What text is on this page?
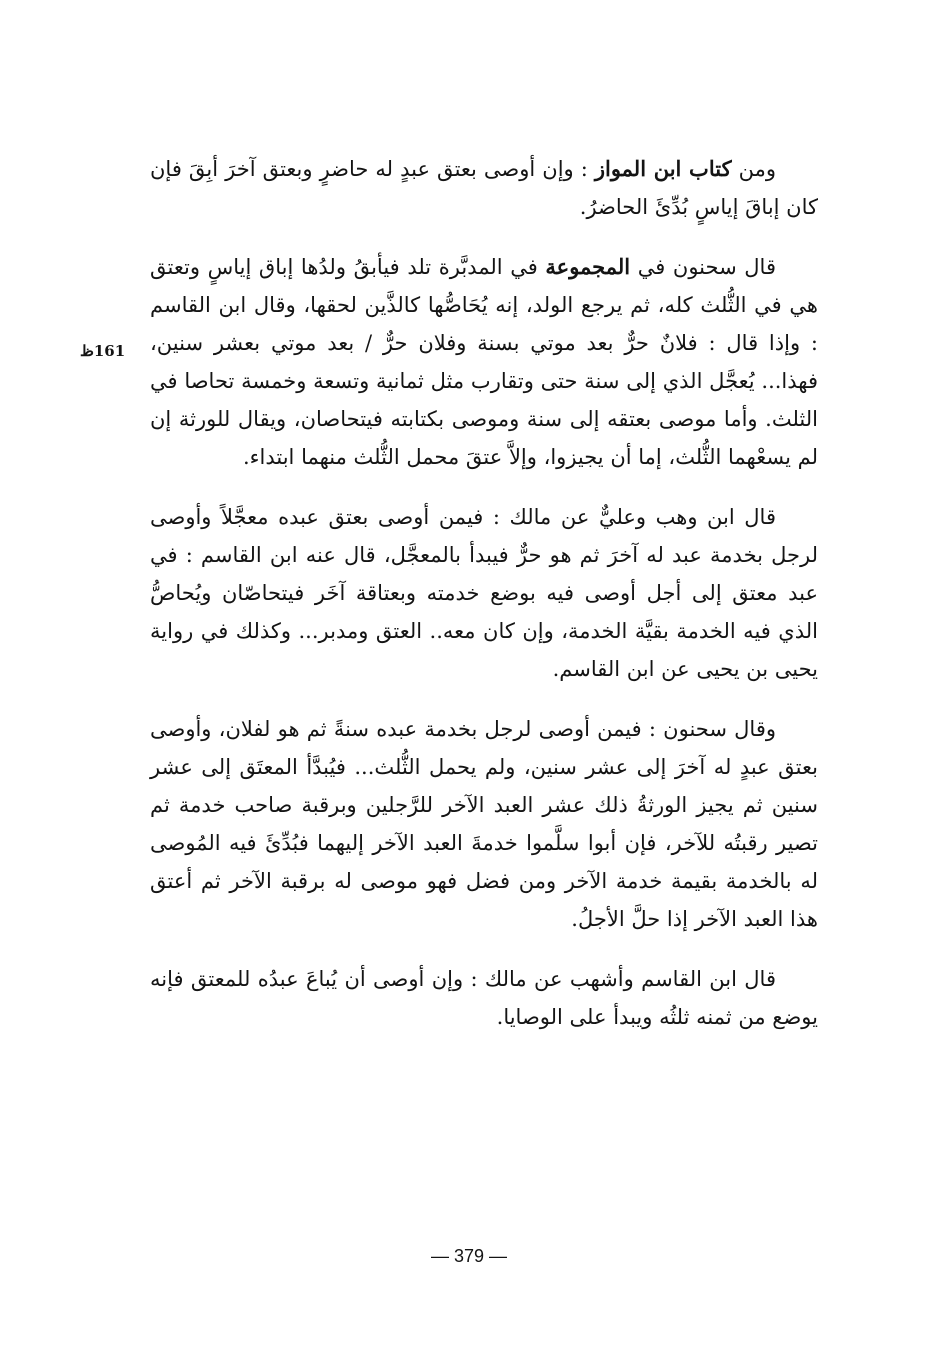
161ظ

ومن كتاب ابن المواز : وإن أوصى بعتق عبدٍ له حاضرٍ وبعتق آخرَ أبِقَ فإن كان إباقَ إياسٍ بُدِّئَ الحاضرُ.

قال سحنون في المجموعة في المدبَّرة تلد فيأبقُ ولدُها إباق إياسٍ وتعتق هي في الثُّلث كله، ثم يرجع الولد، إنه يُحَاصُّها كالذَّين لحقها، وقال ابن القاسم : وإذا قال : فلانٌ حرٌّ بعد موتي بسنة وفلان حرٌّ / بعد موتي بعشر سنين، فهذا... يُعجَّل الذي إلى سنة حتى وتقارب مثل ثمانية وتسعة وخمسة تحاصا في الثلث. وأما موصى بعتقه إلى سنة وموصى بكتابته فيتحاصان، ويقال للورثة إن لم يسعْهما الثُّلث، إما أن يجيزوا، وإلاَّ عتقَ محمل الثُّلث منهما ابتداء.

قال ابن وهب وعليٌّ عن مالك : فيمن أوصى بعتق عبده معجَّلاً وأوصى لرجل بخدمة عبد له آخرَ ثم هو حرٌّ فيبدأ بالمعجَّل، قال عنه ابن القاسم : في عبد معتق إلى أجل أوصى فيه بوضع خدمته وبعتاقة آخَر فيتحاصّان ويُحاصُّ الذي فيه الخدمة بقيَّة الخدمة، وإن كان معه.. العتق ومدبر... وكذلك في رواية يحيى بن يحيى عن ابن القاسم.

وقال سحنون : فيمن أوصى لرجل بخدمة عبده سنةً ثم هو لفلان، وأوصى بعتق عبدٍ له آخرَ إلى عشر سنين، ولم يحمل الثُّلث... فيُبدَّأ المعتَق إلى عشر سنين ثم يجيز الورثةُ ذلك عشر العبد الآخر للرَّجلين وبرقبة صاحب خدمة ثم تصير رقبتُه للآخر، فإن أبوا سلَّموا خدمةَ العبد الآخر إليهما فبُدِّئَ فيه المُوصى له بالخدمة بقيمة خدمة الآخر ومن فضل فهو موصى له برقبة الآخر ثم أعتق هذا العبد الآخر إذا حلَّ الأجلُ.

قال ابن القاسم وأشهب عن مالك : وإن أوصى أن يُباعَ عبدُه للمعتق فإنه يوضع من ثمنه ثلثُه ويبدأ على الوصايا.

— 379 —
